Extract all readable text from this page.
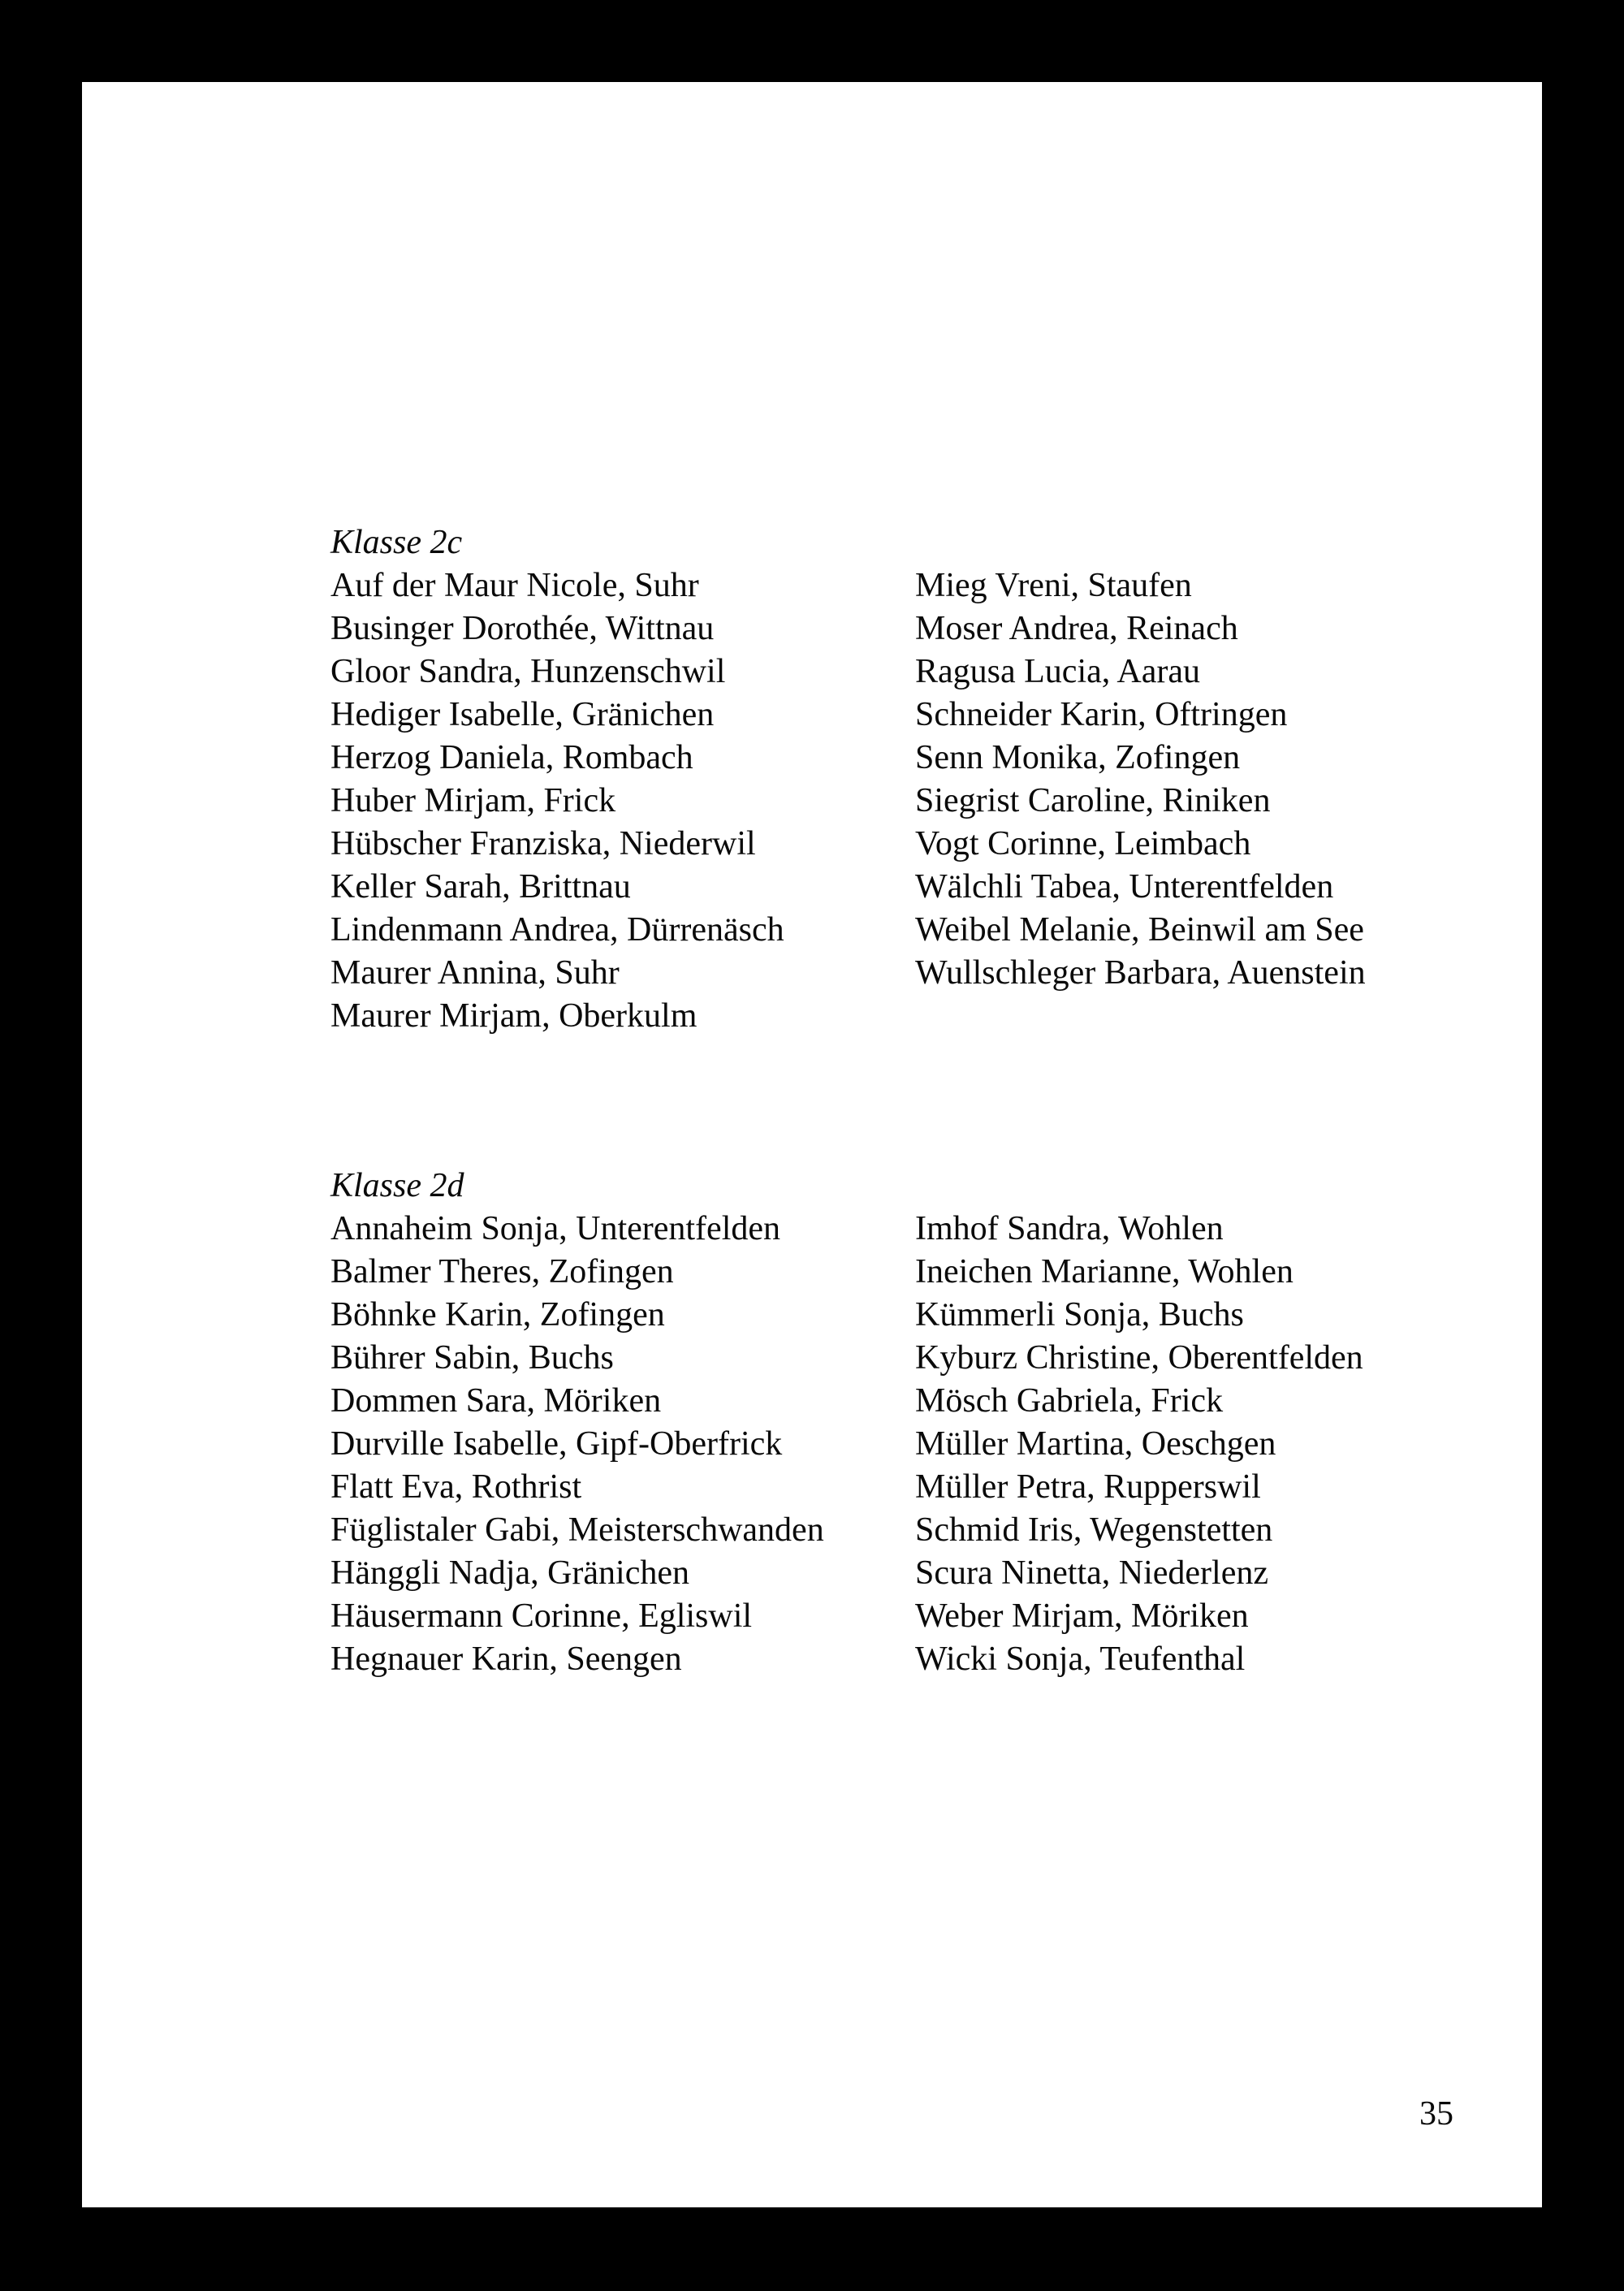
Klasse 2c
Auf der Maur Nicole, Suhr
Businger Dorothée, Wittnau
Gloor Sandra, Hunzenschwil
Hediger Isabelle, Gränichen
Herzog Daniela, Rombach
Huber Mirjam, Frick
Hübscher Franziska, Niederwil
Keller Sarah, Brittnau
Lindenmann Andrea, Dürrenäsch
Maurer Annina, Suhr
Maurer Mirjam, Oberkulm
Mieg Vreni, Staufen
Moser Andrea, Reinach
Ragusa Lucia, Aarau
Schneider Karin, Oftringen
Senn Monika, Zofingen
Siegrist Caroline, Riniken
Vogt Corinne, Leimbach
Wälchli Tabea, Unterentfelden
Weibel Melanie, Beinwil am See
Wullschleger Barbara, Auenstein
Klasse 2d
Annaheim Sonja, Unterentfelden
Balmer Theres, Zofingen
Böhnke Karin, Zofingen
Bührer Sabin, Buchs
Dommen Sara, Möriken
Durville Isabelle, Gipf-Oberfrick
Flatt Eva, Rothrist
Füglistaler Gabi, Meisterschwanden
Hänggli Nadja, Gränichen
Häusermann Corinne, Egliswil
Hegnauer Karin, Seengen
Imhof Sandra, Wohlen
Ineichen Marianne, Wohlen
Kümmerli Sonja, Buchs
Kyburz Christine, Oberentfelden
Mösch Gabriela, Frick
Müller Martina, Oeschgen
Müller Petra, Rupperswil
Schmid Iris, Wegenstetten
Scura Ninetta, Niederlenz
Weber Mirjam, Möriken
Wicki Sonja, Teufenthal
35
